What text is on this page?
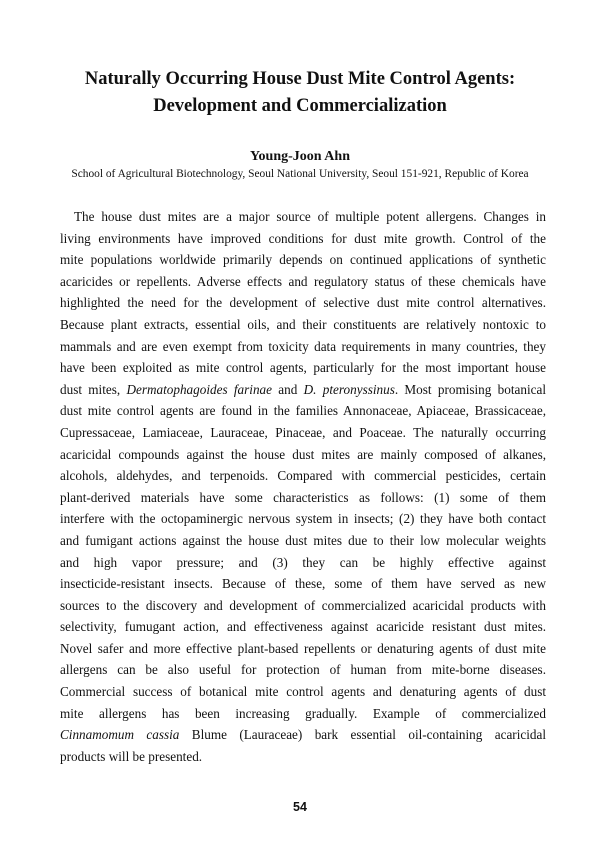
Naturally Occurring House Dust Mite Control Agents:
Development and Commercialization
Young-Joon Ahn
School of Agricultural Biotechnology, Seoul National University, Seoul 151-921, Republic of Korea
The house dust mites are a major source of multiple potent allergens. Changes in
living environments have improved conditions for dust mite growth. Control of the
mite populations worldwide primarily depends on continued applications of synthetic
acaricides or repellents. Adverse effects and regulatory status of these chemicals have
highlighted the need for the development of selective dust mite control alternatives.
Because plant extracts, essential oils, and their constituents are relatively nontoxic to
mammals and are even exempt from toxicity data requirements in many countries, they
have been exploited as mite control agents, particularly for the most important house
dust mites, Dermatophagoides farinae and D. pteronyssinus. Most promising botanical
dust mite control agents are found in the families Annonaceae, Apiaceae, Brassicaceae,
Cupressaceae, Lamiaceae, Lauraceae, Pinaceae, and Poaceae. The naturally occurring
acaricidal compounds against the house dust mites are mainly composed of alkanes,
alcohols, aldehydes, and terpenoids. Compared with commercial pesticides, certain
plant-derived materials have some characteristics as follows: (1) some of them
interfere with the octopaminergic nervous system in insects; (2) they have both contact
and fumigant actions against the house dust mites due to their low molecular weights
and high vapor pressure; and (3) they can be highly effective against
insecticide-resistant insects. Because of these, some of them have served as new
sources to the discovery and development of commercialized acaricidal products with
selectivity, fumugant action, and effectiveness against acaricide resistant dust mites.
Novel safer and more effective plant-based repellents or denaturing agents of dust mite
allergens can be also useful for protection of human from mite-borne diseases.
Commercial success of botanical mite control agents and denaturing agents of dust
mite allergens has been increasing gradually. Example of commercialized
Cinnamomum cassia Blume (Lauraceae) bark essential oil-containing acaricidal
products will be presented.
54
